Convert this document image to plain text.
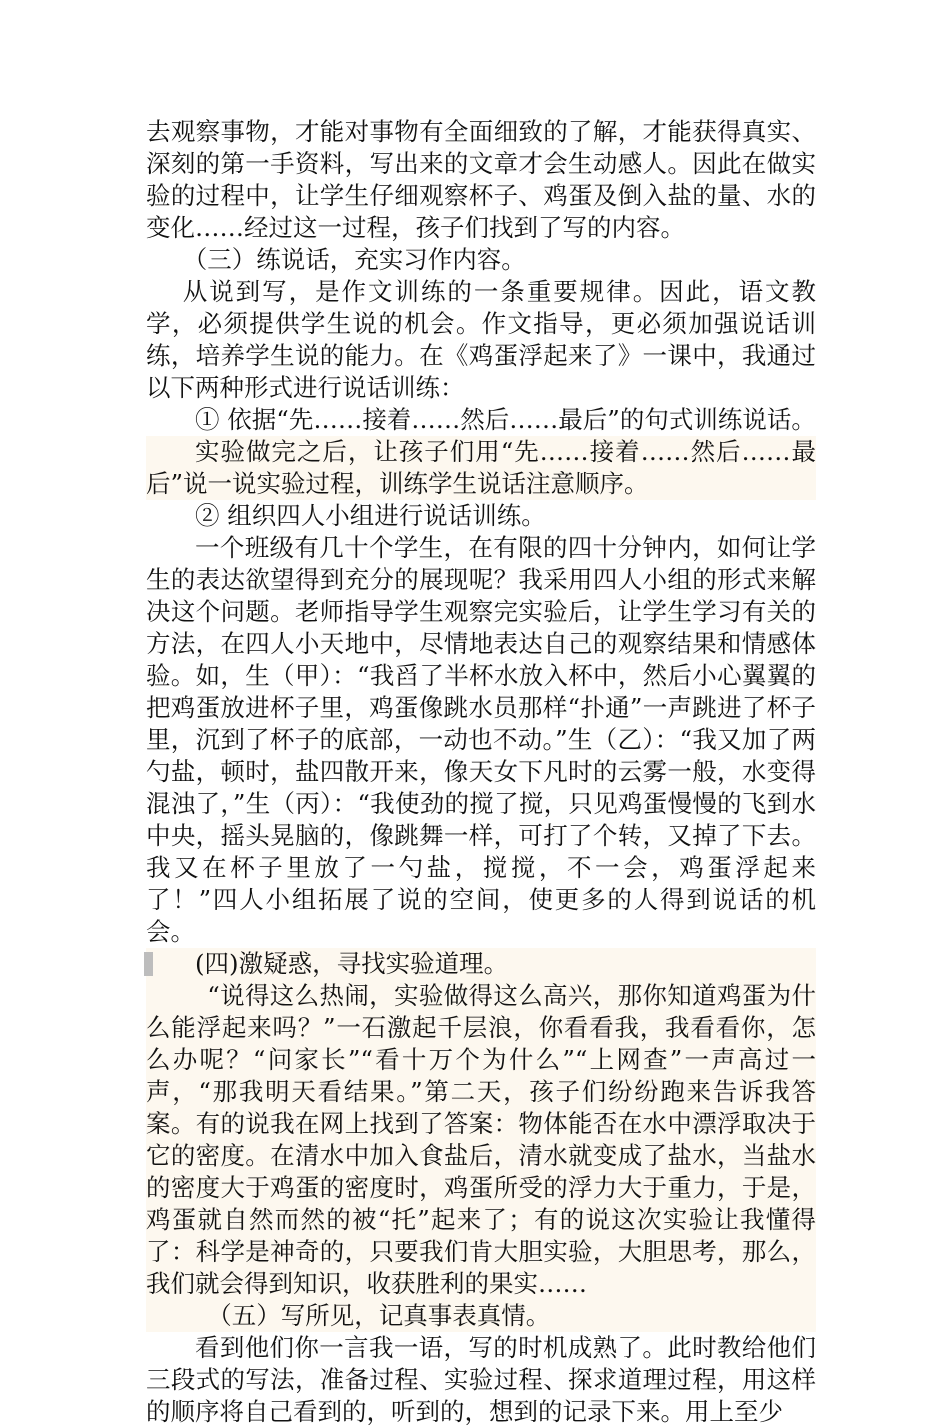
去观察事物，才能对事物有全面细致的了解，才能获得真实、深刻的第一手资料，写出来的文章才会生动感人。因此在做实验的过程中，让学生仔细观察杯子、鸡蛋及倒入盐的量、水的变化……经过这一过程，孩子们找到了写的内容。

（三）练说话，充实习作内容。

从说到写，是作文训练的一条重要规律。因此，语文教学，必须提供学生说的机会。作文指导，更必须加强说话训练，培养学生说的能力。在《鸡蛋浮起来了》一课中，我通过以下两种形式进行说话训练：

① 依据“先……接着……然后……最后”的句式训练说话。

实验做完之后，让孩子们用“先……接着……然后……最后”说一说实验过程，训练学生说话注意顺序。

② 组织四人小组进行说话训练。

一个班级有几十个学生，在有限的四十分钟内，如何让学生的表达欲望得到充分的展现呢？我采用四人小组的形式来解决这个问题。老师指导学生观察完实验后，让学生学习有关的方法，在四人小天地中，尽情地表达自己的观察结果和情感体验。如，生（甲）：“我舀了半杯水放入杯中，然后小心翼翼的把鸡蛋放进杯子里，鸡蛋像跳水员那样“扑通”一声跳进了杯子里，沉到了杯子的底部，一动也不动。”生（乙）：“我又加了两勺盐，顿时，盐四散开来，像天女下凡时的云雾一般，水变得混浊了，”生（丙）：“我使劲的搅了搅，只见鸡蛋慢慢的飞到水中央，摇头晃脑的，像跳舞一样，可打了个转，又掉了下去。我又在杯子里放了一勺盐，搅搅，不一会，鸡蛋浮起来了！”四人小组拓展了说的空间，使更多的人得到说话的机会。

(四)激疑惑，寻找实验道理。

“说得这么热闹，实验做得这么高兴，那你知道鸡蛋为什么能浮起来吗？”一石激起千层浪，你看看我，我看看你，怎么办呢？“问家长”“看十万个为什么”“上网查”一声高过一声，“那我明天看结果。”第二天，孩子们纷纷跑来告诉我答案。有的说我在网上找到了答案：物体能否在水中漂浮取决于它的密度。在清水中加入食盐后，清水就变成了盐水，当盐水的密度大于鸡蛋的密度时，鸡蛋所受的浮力大于重力，于是，鸡蛋就自然而然的被“托”起来了；有的说这次实验让我懂得了：科学是神奇的，只要我们肯大胆实验，大胆思考，那么，我们就会得到知识，收获胜利的果实……

（五）写所见，记真事表真情。

看到他们你一言我一语，写的时机成熟了。此时教给他们三段式的写法，准备过程、实验过程、探求道理过程，用这样的顺序将自己看到的，听到的，想到的记录下来。用上至少
